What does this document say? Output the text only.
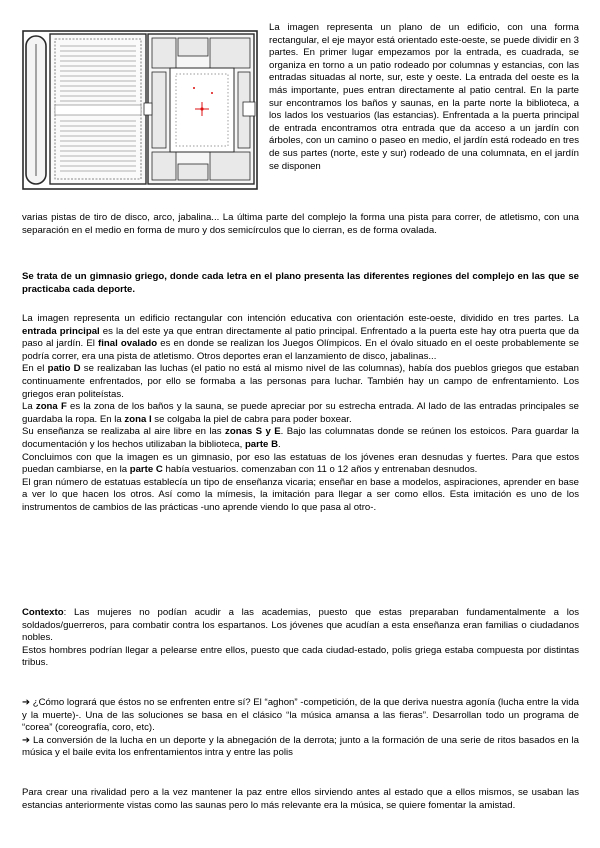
La imagen representa un plano de un edificio, con una forma rectangular, el eje mayor está orientado este-oeste, se puede dividir en 3 partes. En primer lugar empezamos por la entrada, es cuadrada, se organiza en torno a un patio rodeado por columnas y estancias, con las entradas situadas al norte, sur, este y oeste. La entrada del oeste es la más importante, pues entran directamente al patio central. En la parte sur encontramos los baños y saunas, en la parte norte la biblioteca, a los lados los vestuarios (las estancias). Enfrentada a la puerta principal de entrada encontramos otra entrada que da acceso a un jardín con árboles, con un camino o paseo en medio, el jardín está rodeado en tres de sus partes (norte, este y sur) rodeado de una columnata, en el jardín se disponen

varias pistas de tiro de disco, arco, jabalina... La última parte del complejo la forma una pista para correr, de atletismo, con una separación en el medio en forma de muro y dos semicírculos que lo cierran, es de forma ovalada.

Se trata de un gimnasio griego, donde cada letra en el plano presenta las diferentes regiones del complejo en las que se practicaba cada deporte.

La imagen representa un edificio rectangular con intención educativa con orientación este-oeste, dividido en tres partes. La entrada principal es la del este ya que entran directamente al patio principal. Enfrentado a la puerta este hay otra puerta que da paso al jardín. El final ovalado es en donde se realizan los Juegos Olímpicos. En el óvalo situado en el oeste probablemente se podría correr, era una pista de atletismo. Otros deportes eran el lanzamiento de disco, jabalinas...

En el patio D se realizaban las luchas (el patio no está al mismo nivel de las columnas), había dos pueblos griegos que estaban continuamente enfrentados, por ello se formaba a las personas para luchar. También hay un campo de enfrentamiento. Los griegos eran politeístas.

La zona F es la zona de los baños y la sauna, se puede apreciar por su estrecha entrada. Al lado de las entradas principales se guardaba la ropa. En la zona I se colgaba la piel de cabra para poder boxear.

Su enseñanza se realizaba al aire libre en las zonas S y E. Bajo las columnatas donde se reúnen los estoicos. Para guardar la documentación y los hechos utilizaban la biblioteca, parte B.

Concluimos con que la imagen es un gimnasio, por eso las estatuas de los jóvenes eran desnudas y fuertes. Para que estos puedan cambiarse, en la parte C había vestuarios. comenzaban con 11 o 12 años y entrenaban desnudos.

El gran número de estatuas establecía un tipo de enseñanza vicaria; enseñar en base a modelos, aspiraciones, aprender en base a ver lo que hacen los otros. Así como la mímesis, la imitación para llegar a ser como ellos. Esta imitación es uno de los instrumentos de cambios de las prácticas -uno aprende viendo lo que pasa al otro-.

Contexto: Las mujeres no podían acudir a las academias, puesto que estas preparaban fundamentalmente a los soldados/guerreros, para combatir contra los espartanos. Los jóvenes que acudían a esta enseñanza eran familias o ciudadanos nobles.

Estos hombres podrían llegar a pelearse entre ellos, puesto que cada ciudad-estado, polis griega estaba compuesta por distintas tribus.

➔ ¿Cómo logrará que éstos no se enfrenten entre sí? El “aghon” -competición, de la que deriva nuestra agonía (lucha entre la vida y la muerte)-. Una de las soluciones se basa en el clásico “la música amansa a las fieras”. Desarrollan todo un programa de “corea” (coreografía, coro, etc).

➔ La conversión de la lucha en un deporte y la abnegación de la derrota; junto a la formación de una serie de ritos basados en la música y el baile evita los enfrentamientos intra y entre las polis

Para crear una rivalidad pero a la vez mantener la paz entre ellos sirviendo antes al estado que a ellos mismos, se usaban las estancias anteriormente vistas como las saunas pero lo más relevante era la música, se quiere fomentar la amistad.
